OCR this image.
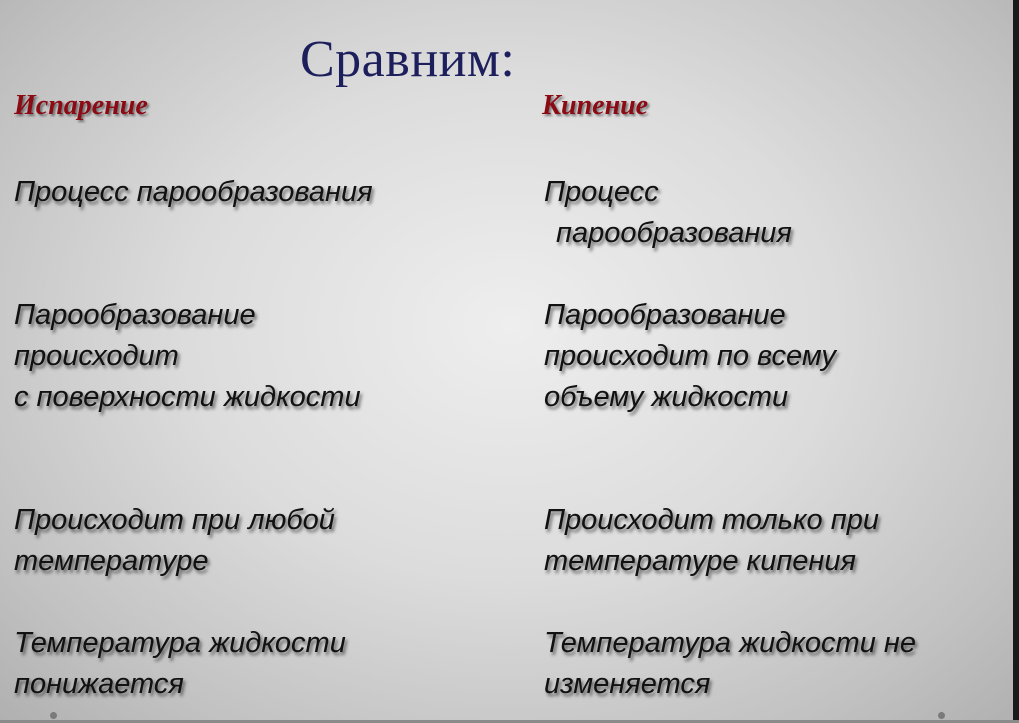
Сравним:
Испарение	Кипение
Процесс парообразования	Процесс
парообразования
Парообразование
происходит
с поверхности жидкости
Парообразование
происходит по всему
объему жидкости
Происходит при любой
температуре
Происходит только при
температуре кипения
Температура жидкости
понижается
Температура жидкости не
изменяется
